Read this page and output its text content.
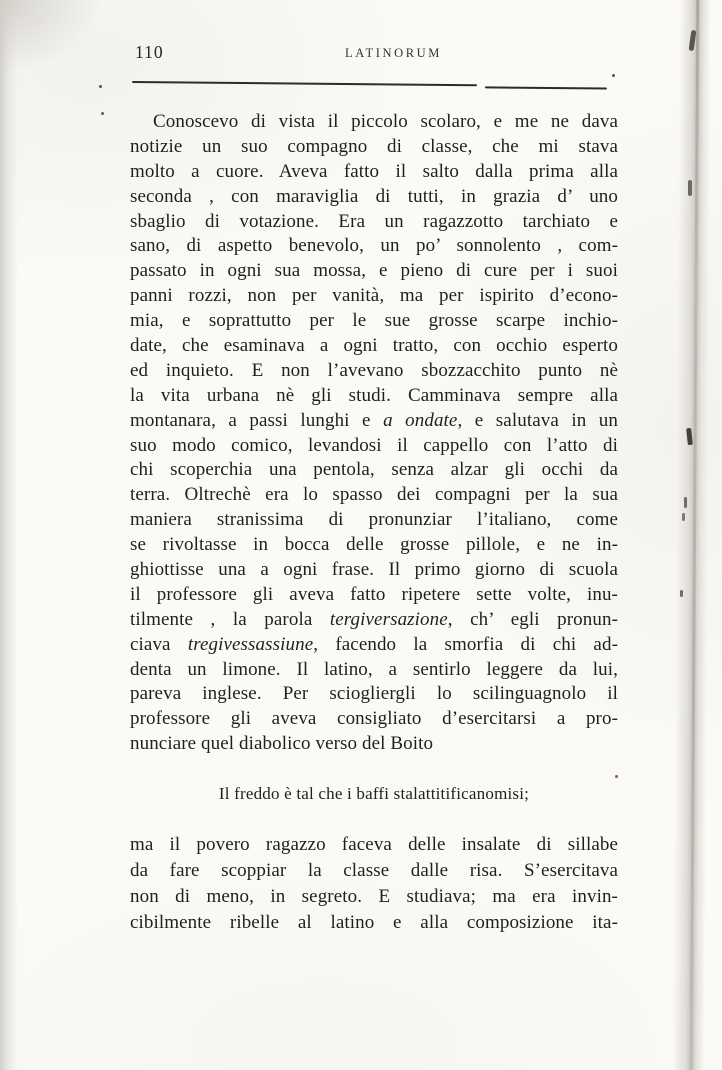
110	LATINORUM
Conoscevo di vista il piccolo scolaro, e me ne dava
notizie un suo compagno di classe, che mi stava
molto a cuore. Aveva fatto il salto dalla prima alla
seconda , con maraviglia di tutti, in grazia d’ uno
sbaglio di votazione. Era un ragazzotto tarchiato e
sano, di aspetto benevolo, un po’ sonnolento , com-
passato in ogni sua mossa, e pieno di cure per i suoi
panni rozzi, non per vanità, ma per ispirito d’econo-
mia, e soprattutto per le sue grosse scarpe inchio-
date, che esaminava a ogni tratto, con occhio esperto
ed inquieto. E non l’avevano sbozzacchito punto nè
la vita urbana nè gli studi. Camminava sempre alla
montanara, a passi lunghi e a ondate, e salutava in un
suo modo comico, levandosi il cappello con l’atto di
chi scoperchia una pentola, senza alzar gli occhi da
terra. Oltrechè era lo spasso dei compagni per la sua
maniera stranissima di pronunziar l’italiano, come
se rivoltasse in bocca delle grosse pillole, e ne in-
ghiottisse una a ogni frase. Il primo giorno di scuola
il professore gli aveva fatto ripetere sette volte, inu-
tilmente , la parola tergiversazione, ch’ egli pronun-
ciava tregivessassiune, facendo la smorfia di chi ad-
denta un limone. Il latino, a sentirlo leggere da lui,
pareva inglese. Per sciogliergli lo scilinguagnolo il
professore gli aveva consigliato d’esercitarsi a pro-
nunciare quel diabolico verso del Boito
Il freddo è tal che i baffi stalattitificanomisi;
ma il povero ragazzo faceva delle insalate di sillabe
da fare scoppiar la classe dalle risa. S’esercitava
non di meno, in segreto. E studiava; ma era invin-
cibilmente ribelle al latino e alla composizione ita-
